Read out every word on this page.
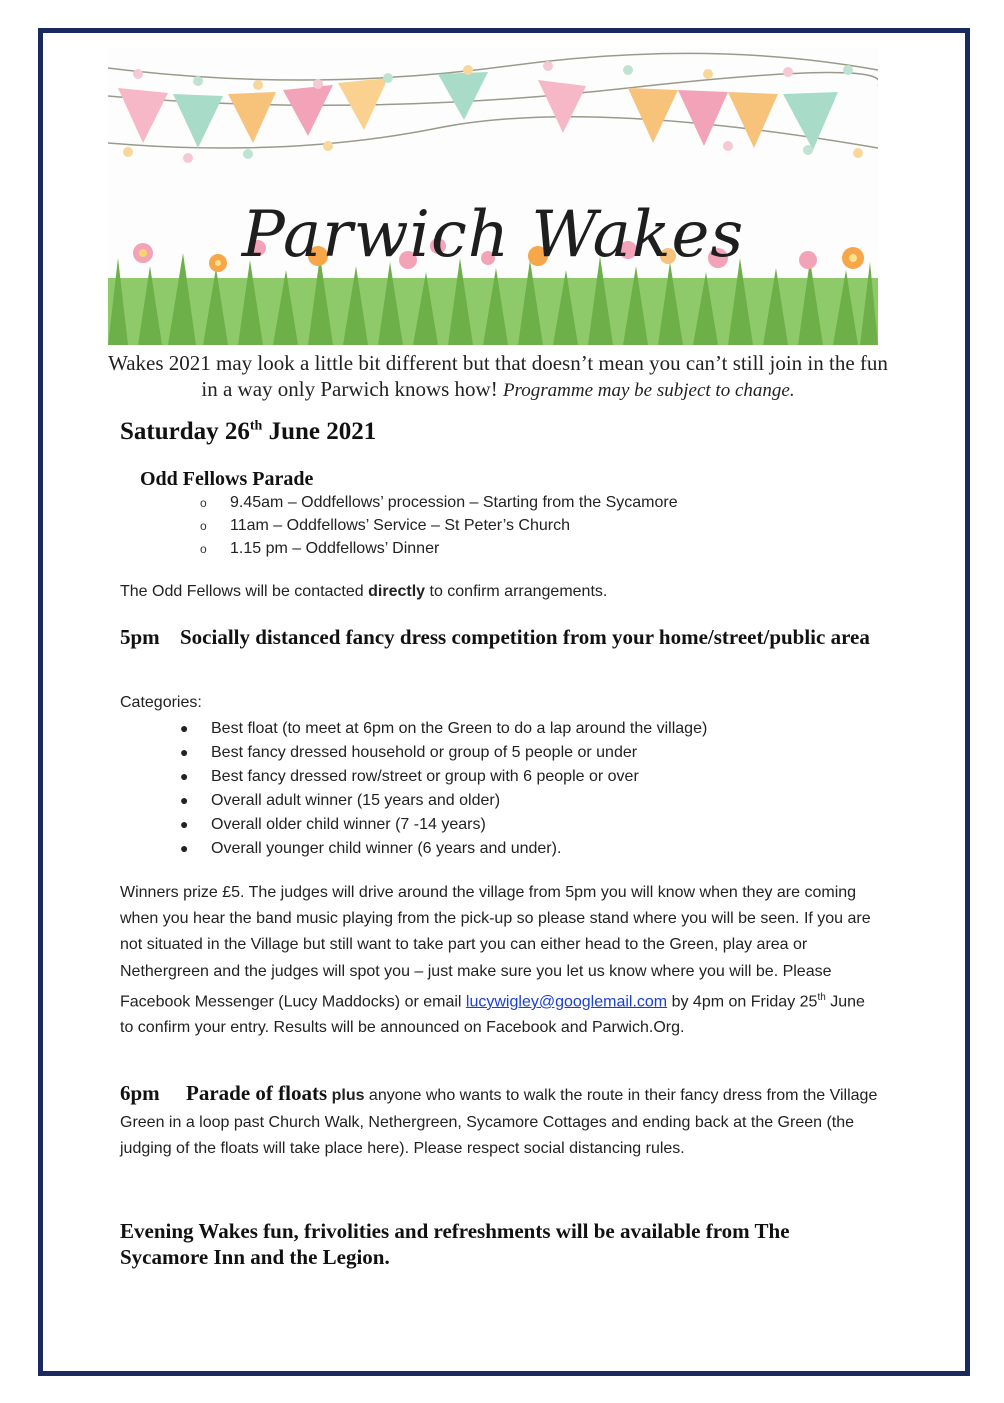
Parwich Wakes
Wakes 2021 may look a little bit different but that doesn’t mean you can’t still join in the fun in a way only Parwich knows how! Programme may be subject to change.
Saturday 26th June 2021
Odd Fellows Parade
o 9.45am – Oddfellows’ procession – Starting from the Sycamore
o 11am – Oddfellows’ Service – St Peter’s Church
o 1.15 pm – Oddfellows’ Dinner
The Odd Fellows will be contacted directly to confirm arrangements.
5pm Socially distanced fancy dress competition from your home/street/public area
Categories:
● Best float (to meet at 6pm on the Green to do a lap around the village)
● Best fancy dressed household or group of 5 people or under
● Best fancy dressed row/street or group with 6 people or over
● Overall adult winner (15 years and older)
● Overall older child winner (7 -14 years)
● Overall younger child winner (6 years and under).
Winners prize £5. The judges will drive around the village from 5pm you will know when they are coming when you hear the band music playing from the pick-up so please stand where you will be seen. If you are not situated in the Village but still want to take part you can either head to the Green, play area or Nethergreen and the judges will spot you – just make sure you let us know where you will be. Please Facebook Messenger (Lucy Maddocks) or email lucywigley@googlemail.com by 4pm on Friday 25th June to confirm your entry. Results will be announced on Facebook and Parwich.Org.
6pm Parade of floats plus anyone who wants to walk the route in their fancy dress from the Village Green in a loop past Church Walk, Nethergreen, Sycamore Cottages and ending back at the Green (the judging of the floats will take place here). Please respect social distancing rules.
Evening Wakes fun, frivolities and refreshments will be available from The Sycamore Inn and the Legion.
